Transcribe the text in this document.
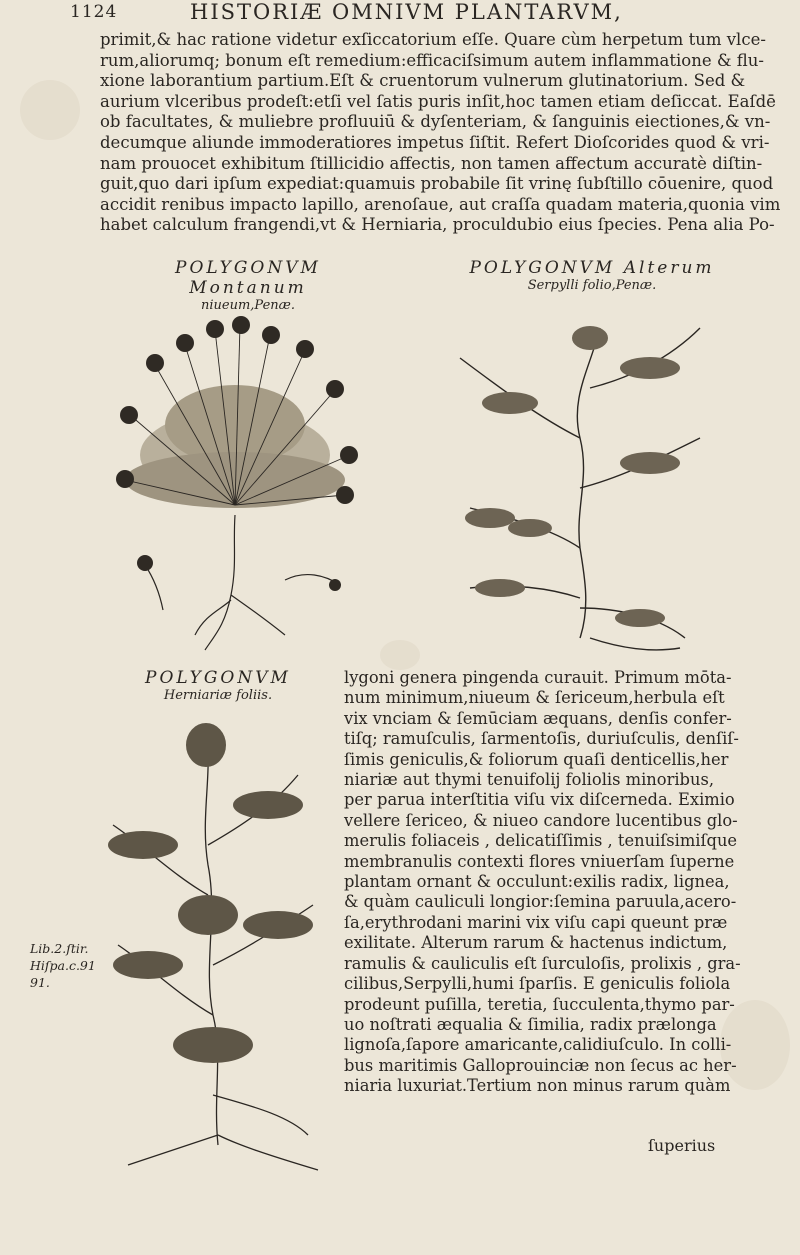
1124	HISTORIÆ OMNIVM PLANTARVM,
primit,& hac ratione videtur exſiccatorium eſſe. Quare cùm herpetum tum vlce-
rum,aliorumq; bonum eſt remedium:efficaciſsimum autem inflammatione & flu-
xione laborantium partium.Eſt & cruentorum vulnerum glutinatorium. Sed &
aurium vlceribus prodeſt:etſi vel ſatis puris inſit,hoc tamen etiam deſiccat. Eaſdē
ob facultates, & muliebre profluuiū & dyſenteriam, & ſanguinis eiectiones,& vn-
decumque aliunde immoderatiores impetus ſiſtit. Refert Dioſcorides quod & vri-
nam prouocet exhibitum ſtillicidio affectis, non tamen affectum accuratè diſtin-
guit,quo dari ipſum expediat:quamuis probabile ſit vrinę ſubſtillo cōuenire, quod
accidit renibus impacto lapillo, arenoſaue, aut craſſa quadam materia,quonia vim
habet calculum frangendi,vt & Herniaria, proculdubio eius ſpecies. Pena alia Po-
POLYGONVM Montanum
niueum,Penæ.
POLYGONVM Alterum
Serpylli folio,Penæ.
POLYGONVM
Herniariæ foliis.
lygoni genera pingenda curauit. Primum mōta-
num minimum,niueum & ſericeum,herbula eſt
vix vnciam & ſemūciam æquans, denſis confer-
tiſq; ramuſculis, ſarmentoſis, duriuſculis, denſiſ-
ſimis geniculis,& foliorum quaſi denticellis,her
niariæ aut thymi tenuifolij foliolis minoribus,
per parua interſtitia viſu vix diſcerneda. Eximio
vellere ſericeo, & niueo candore lucentibus glo-
merulis foliaceis , delicatiſſimis , tenuiſsimiſque
membranulis contexti flores vniuerſam ſuperne
plantam ornant & occulunt:exilis radix, lignea,
& quàm cauliculi longior:ſemina paruula,acero-
ſa,erythrodani marini vix viſu capi queunt præ
exilitate. Alterum rarum & hactenus indictum,
ramulis & cauliculis eſt ſurculoſis, prolixis , gra-
cilibus,Serpylli,humi ſparſis. E geniculis foliola
prodeunt puſilla, teretia, ſucculenta,thymo par-
uo noſtrati æqualia & ſimilia, radix prælonga
lignoſa,ſapore amaricante,calidiuſculo. In colli-
bus maritimis Galloprouinciæ non ſecus ac her-
niaria luxuriat.Tertium non minus rarum quàm
Lib.2.ſtir.
Hiſpa.c.91
91.
ſuperius
